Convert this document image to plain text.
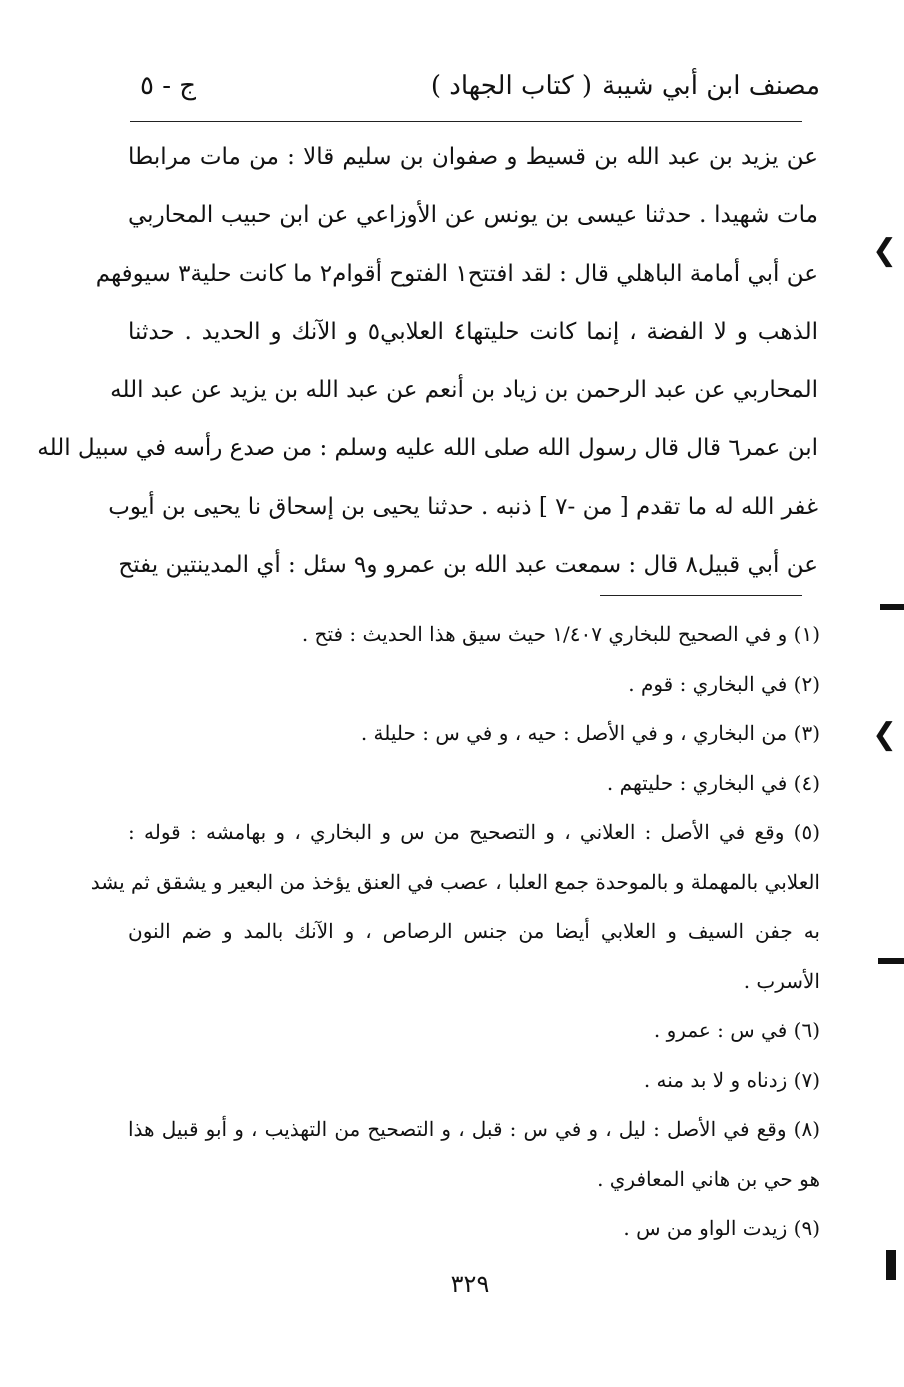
مصنف ابن أبي شيبة
( كتاب الجهاد )
ج - ٥
عن يزيد بن عبد الله بن قسيط و صفوان بن سليم قالا : من مات مرابطا
مات شهيدا . حدثنا عيسى بن يونس عن الأوزاعي عن ابن حبيب المحاربي
عن أبي أمامة الباهلي قال : لقد افتتح١ الفتوح أقوام٢ ما كانت حلية٣ سيوفهم
الذهب و لا الفضة ، إنما كانت حليتها٤ العلابي٥ و الآنك و الحديد . حدثنا
المحاربي عن عبد الرحمن بن زياد بن أنعم عن عبد الله بن يزيد عن عبد الله
ابن عمر٦ قال قال رسول الله صلى الله عليه وسلم : من صدع رأسه في سبيل الله
غفر الله له ما تقدم [ من -٧ ] ذنبه . حدثنا يحيى بن إسحاق نا يحيى بن أيوب
عن أبي قبيل٨ قال : سمعت عبد الله بن عمرو و٩ سئل : أي المدينتين يفتح
(١) و في الصحيح للبخاري ١/٤٠٧ حيث سيق هذا الحديث : فتح .
(٢) في البخاري : قوم .
(٣) من البخاري ، و في الأصل : حيه ، و في س : حليلة .
(٤) في البخاري : حليتهم .
(٥) وقع في الأصل : العلاني ، و التصحيح من س و البخاري ، و بهامشه : قوله :
العلابي بالمهملة و بالموحدة جمع العلبا ، عصب في العنق يؤخذ من البعير و يشقق ثم يشد
به جفن السيف و العلابي أيضا من جنس الرصاص ، و الآنك بالمد و ضم النون
الأسرب .
(٦) في س : عمرو .
(٧) زدناه و لا بد منه .
(٨) وقع في الأصل : ليل ، و في س : قبل ، و التصحيح من التهذيب ، و أبو قبيل هذا
هو حي بن هاني المعافري .
(٩) زيدت الواو من س .
٣٢٩
❮
❮
